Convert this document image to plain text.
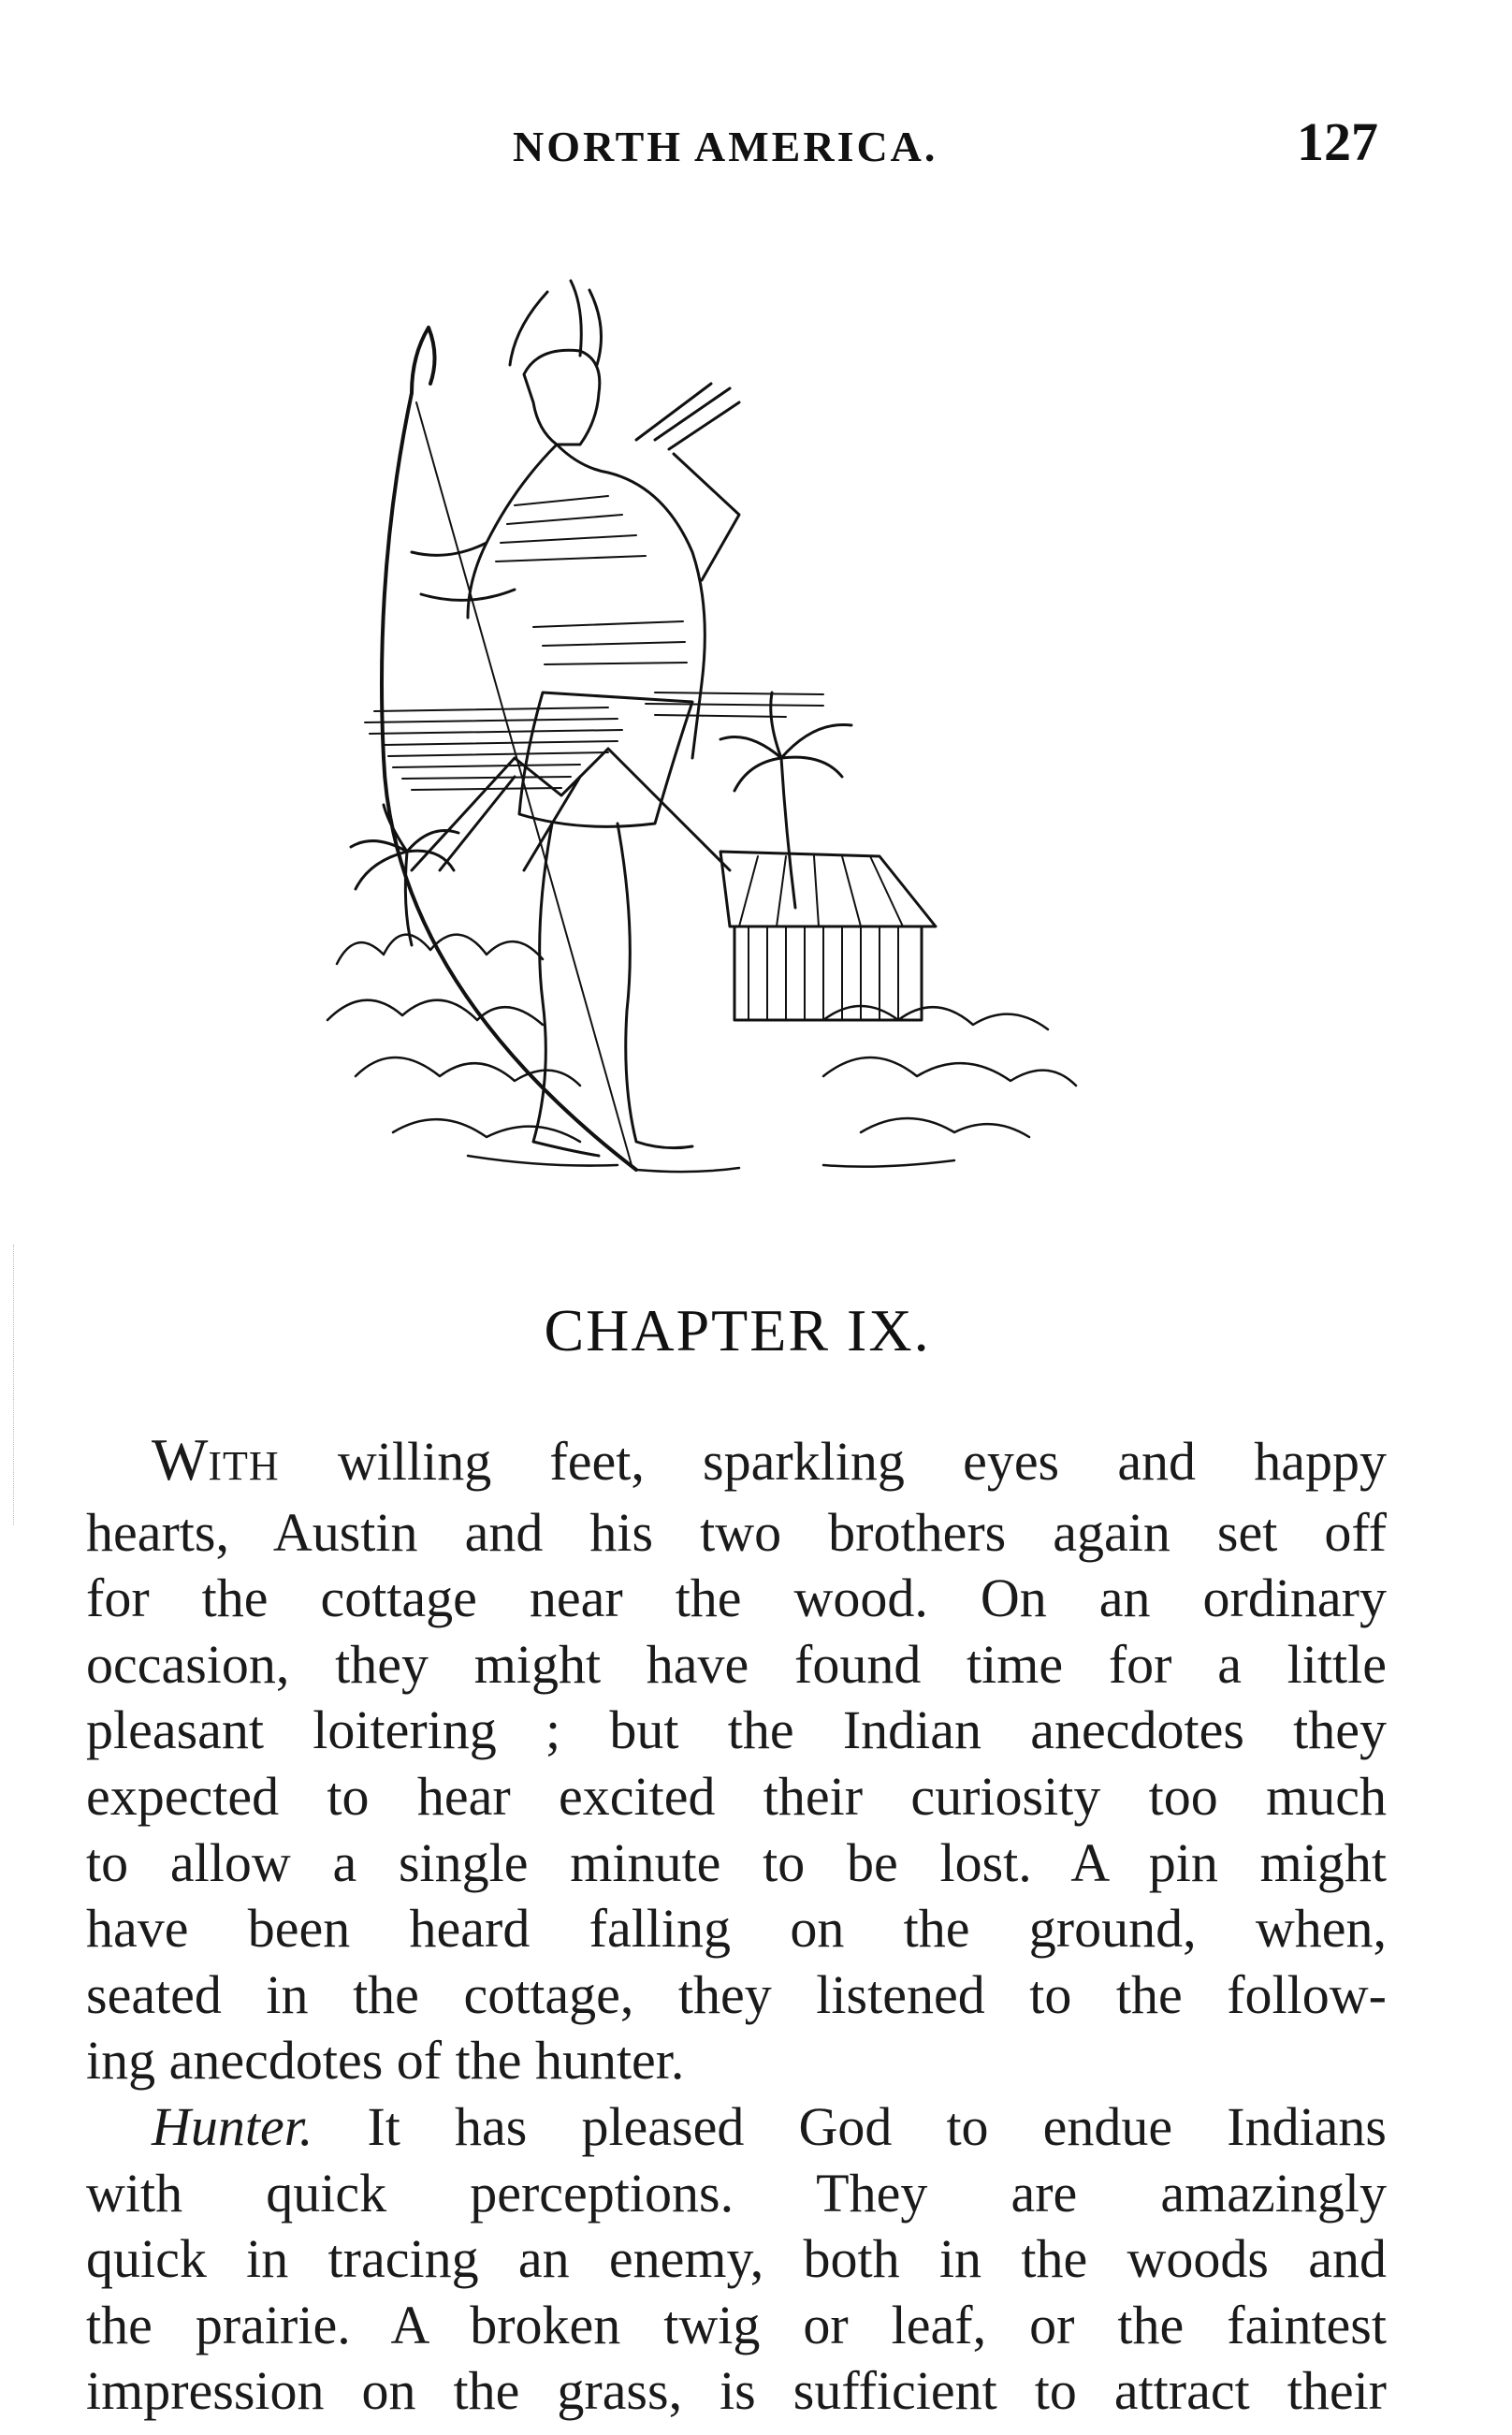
NORTH AMERICA.	127
CHAPTER IX.
WITH willing feet, sparkling eyes and happy
hearts, Austin and his two brothers again set off
for the cottage near the wood. On an ordinary
occasion, they might have found time for a little
pleasant loitering ; but the Indian anecdotes they
expected to hear excited their curiosity too much
to allow a single minute to be lost. A pin might
have been heard falling on the ground, when,
seated in the cottage, they listened to the follow-
ing anecdotes of the hunter.
Hunter. It has pleased God to endue Indians
with quick perceptions. They are amazingly
quick in tracing an enemy, both in the woods and
the prairie. A broken twig or leaf, or the faintest
impression on the grass, is sufficient to attract their
